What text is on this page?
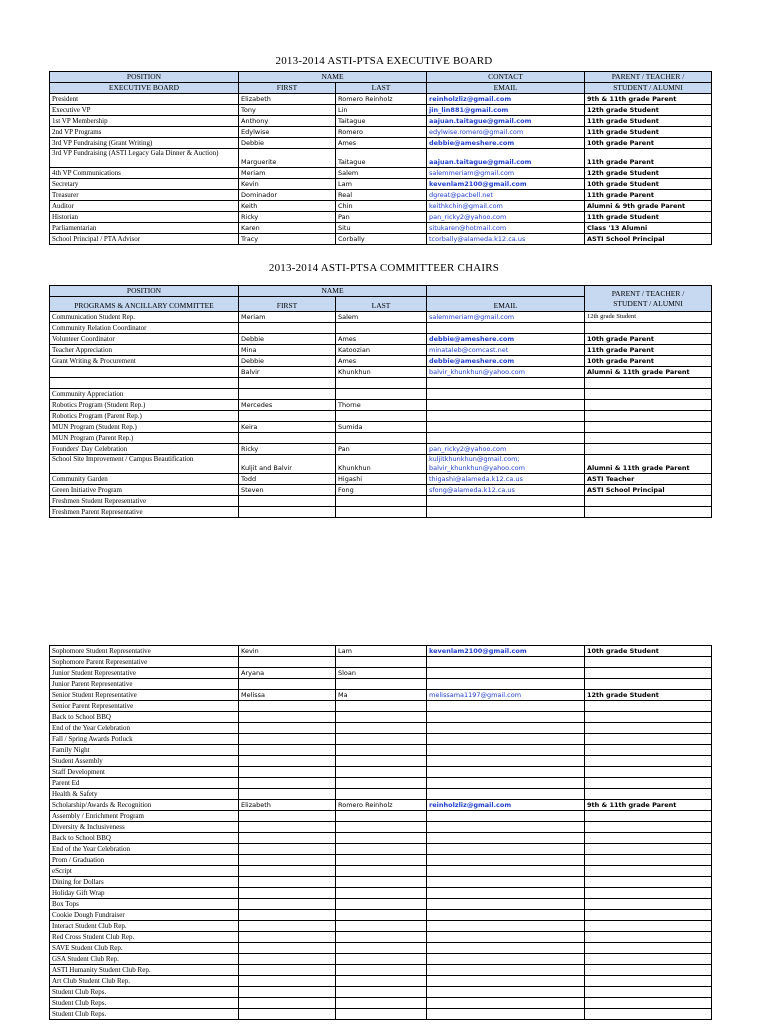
2013-2014 ASTI-PTSA EXECUTIVE BOARD
POSITION	NAME		CONTACT	PARENT / TEACHER /
EXECUTIVE BOARD	FIRST	LAST	EMAIL	STUDENT / ALUMNI
President	Elizabeth	Romero Reinholz	reinholzliz@gmail.com	9th & 11th grade Parent
Executive VP	Tony	Lin	jin_lin881@gmail.com	12th grade Student
1st VP Membership	Anthony	Taitague	aajuan.taitague@gmail.com	11th grade Student
2nd VP Programs	Edylwise	Romero	edylwise.romero@gmail.com	11th grade Student
3rd VP Fundraising (Grant Writing)	Debbie	Ames	debbie@ameshere.com	10th grade Parent
3rd VP Fundraising (ASTI Legacy Gala Dinner & Auction)	Marguerite	Taitague	aajuan.taitague@gmail.com	11th grade Parent
4th VP Communications	Meriam	Salem	salemmeriam@gmail.com	12th grade Student
Secretary	Kevin	Lam	kevenlam2100@gmail.com	10th grade Student
Treasurer	Dominador	Real	dgreat@pacbell.net	11th grade Parent
Auditor	Keith	Chin	keithkchin@gmail.com	Alumni & 9th grade Parent
Historian	Ricky	Pan	pan_ricky2@yahoo.com	11th grade Student
Parliamentarian	Karen	Situ	situkaren@hotmail.com	Class '13 Alumni
School Principal / PTA Advisor	Tracy	Corbally	tcorbally@alameda.k12.ca.us	ASTI School Principal
2013-2014 ASTI-PTSA COMMITTEER CHAIRS
POSITION	NAME			PARENT / TEACHER /
STUDENT / ALUMNI
PROGRAMS & ANCILLARY COMMITTEE	FIRST	LAST	EMAIL	
Communication Student Rep.	Meriam	Salem	salemmeriam@gmail.com	12th grade Student
Community Relation Coordinator				
Volunteer Coordinator	Debbie	Ames	debbie@ameshere.com	10th grade Parent
Teacher Appreciation	Mina	Katoozian	minataleb@comcast.net	11th grade Parent
Grant Writing & Procurement	Debbie	Ames	debbie@ameshere.com	10th grade Parent
	Balvir	Khunkhun	balvir_khunkhun@yahoo.com	Alumni & 11th grade Parent

Community Appreciation				
Robotics Program (Student Rep.)	Mercedes	Thorne		
Robotics Program (Parent Rep.)				
MUN Program (Student Rep.)	Keira	Sumida		
MUN Program (Parent Rep.)				
Founders' Day Celebration	Ricky	Pan	pan_ricky2@yahoo.com	
School Site Improvement / Campus Beautification	Kuljit and Balvir	Khunkhun	kuljitkhunkhun@gmail.com;
balvir_khunkhun@yahoo.com	Alumni & 11th grade Parent
Community Garden	Todd	Higashi	thigashi@alameda.k12.ca.us	ASTI Teacher
Green Initiative Program	Steven	Fong	sfong@alameda.k12.ca.us	ASTI School Principal
Freshmen Student Representative				
Freshmen Parent Representative				
Sophomore Student Representative	Kevin	Lam	kevenlam2100@gmail.com	10th grade Student
Sophomore Parent Representative				
Junior Student Representative	Aryana	Sloan		
Junior Parent Representative				
Senior Student Representative	Melissa	Ma	melissama1197@gmail.com	12th grade Student
Senior Parent Representative				
Back to School BBQ				
End of the Year Celebration				
Fall / Spring Awards Potluck				
Family Night				
Student Assembly				
Staff Development				
Parent Ed				
Health & Safety				
Scholarship/Awards & Recognition	Elizabeth	Romero Reinholz	reinholzliz@gmail.com	9th & 11th grade Parent
Assembly / Enrichment Program				
Diversity & Inclusiveness				
Back to School BBQ				
End of the Year Celebration				
Prom / Graduation				
eScript				
Dining for Dollars				
Holiday Gift Wrap				
Box Tops				
Cookie Dough Fundraiser				
Interact Student Club Rep.				
Red Cross Student Club Rep.				
SAVE Student Club Rep.				
GSA Student Club Rep.				
ASTI Humanity Student Club Rep.				
Art Club Student Club Rep.				
Student Club Reps.				
Student Club Reps.				
Student Club Reps.				
